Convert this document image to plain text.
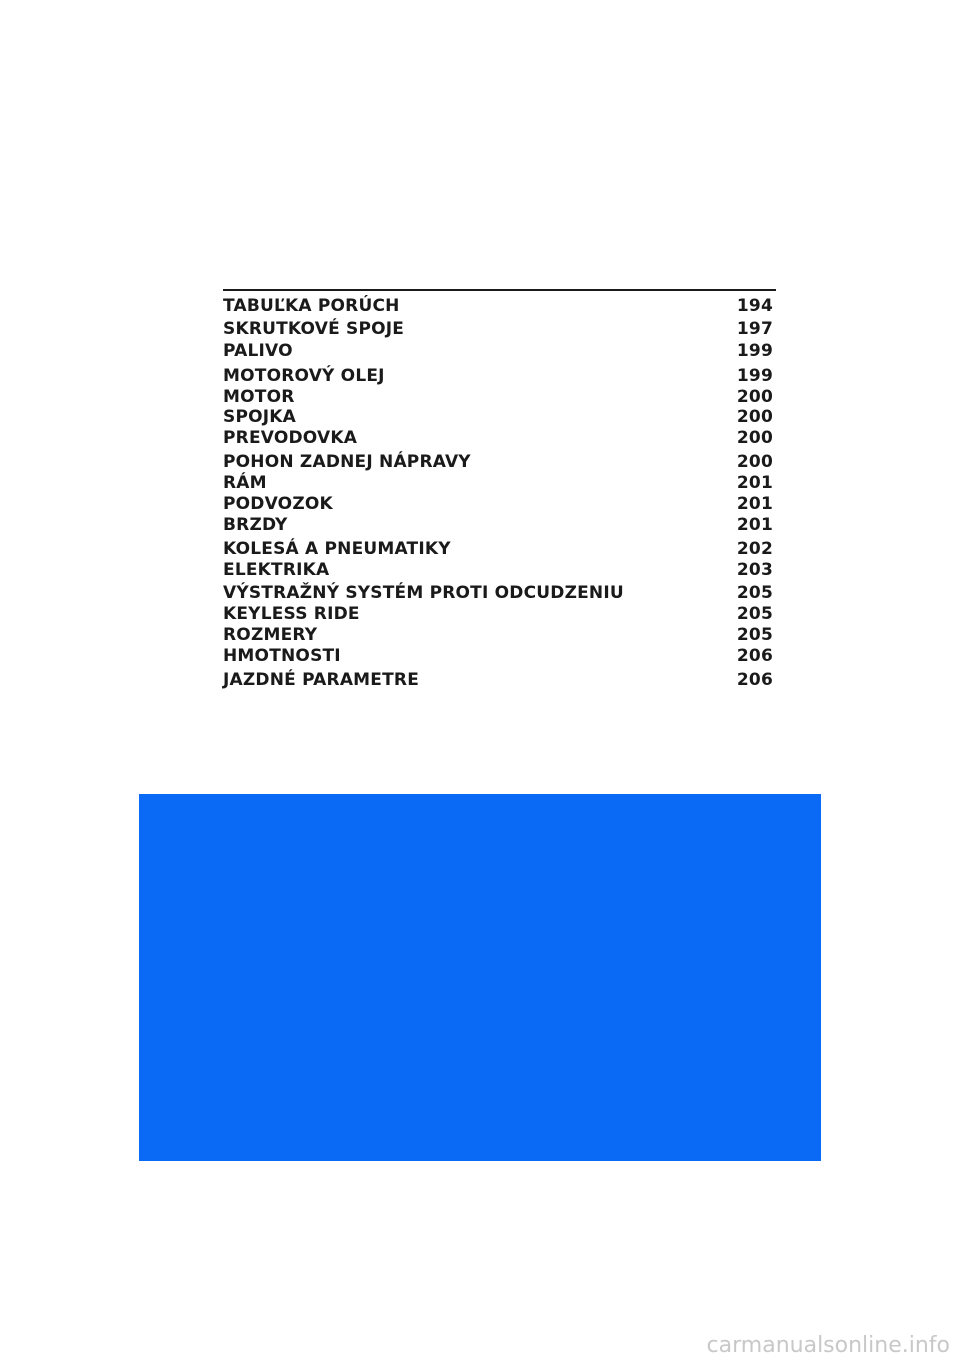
TABUĽKA PORÚCH	194
SKRUTKOVÉ SPOJE	197
PALIVO	199
MOTOROVÝ OLEJ	199
MOTOR	200
SPOJKA	200
PREVODOVKA	200
POHON ZADNEJ NÁPRAVY	200
RÁM	201
PODVOZOK	201
BRZDY	201
KOLESÁ A PNEUMATIKY	202
ELEKTRIKA	203
VÝSTRAŽNÝ SYSTÉM PROTI ODCUDZENIU	205
KEYLESS RIDE	205
ROZMERY	205
HMOTNOSTI	206
JAZDNÉ PARAMETRE	206
carmanualsonline.info
